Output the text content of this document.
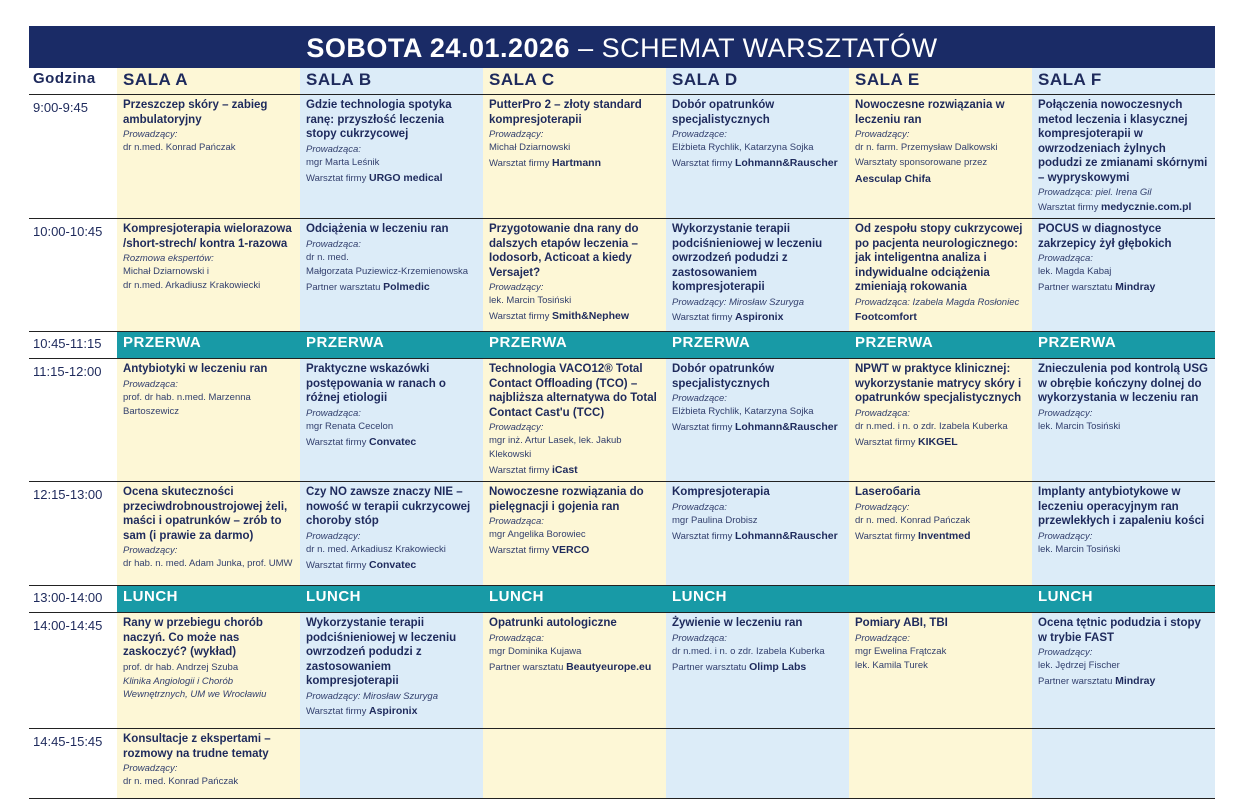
SOBOTA 24.01.2026 – SCHEMAT WARSZTATÓW
Godzina	SALA A	SALA B	SALA C	SALA D	SALA E	SALA F
9:00-9:45	Przeszczep skóry – zabieg ambulatoryjny
Prowadzący:
dr n.med. Konrad Pańczak	Gdzie technologia spotyka ranę: przyszłość leczenia stopy cukrzycowej
Prowadząca:
mgr Marta Leśnik
Warsztat firmy URGO medical	PutterPro 2 – złoty standard kompresjoterapii
Prowadzący:
Michał Dziarnowski
Warsztat firmy Hartmann	Dobór opatrunków specjalistycznych
Prowadzące:
Elżbieta Rychlik, Katarzyna Sojka
Warsztat firmy Lohmann&Rauscher	Nowoczesne rozwiązania w leczeniu ran
Prowadzący:
dr n. farm. Przemysław Dalkowski
Warsztaty sponsorowane przez
Aesculap Chifa	Połączenia nowoczesnych metod leczenia i klasycznej kompresjoterapii w owrzodzeniach żylnych podudzi ze zmianami skórnymi – wypryskowymi
Prowadząca: piel. Irena Gil
Warsztat firmy medycznie.com.pl

10:00-10:45	Kompresjoterapia wielorazowa /short-strech/ kontra 1-razowa
Rozmowa ekspertów:
Michał Dziarnowski i
dr n.med. Arkadiusz Krakowiecki	Odciążenia w leczeniu ran
Prowadząca:
dr n. med.
Małgorzata Puziewicz-Krzemienowska
Partner warsztatu Polmedic	Przygotowanie dna rany do dalszych etapów leczenia – Iodosorb, Acticoat a kiedy Versajet?
Prowadzący:
lek. Marcin Tosiński
Warsztat firmy Smith&Nephew	Wykorzystanie terapii podciśnieniowej w leczeniu owrzodzeń podudzi z zastosowaniem kompresjoterapii
Prowadzący: Mirosław Szuryga
Warsztat firmy Aspironix	Od zespołu stopy cukrzycowej po pacjenta neurologicznego: jak inteligentna analiza i indywidualne odciążenia zmieniają rokowania
Prowadząca: Izabela Magda Rosłoniec
Footcomfort	POCUS w diagnostyce zakrzepicy żył głębokich
Prowadząca:
lek. Magda Kabaj
Partner warsztatu Mindray

10:45-11:15	PRZERWA	PRZERWA	PRZERWA	PRZERWA	PRZERWA	PRZERWA
11:15-12:00	Antybiotyki w leczeniu ran
Prowadząca:
prof. dr hab. n.med. Marzenna Bartoszewicz	Praktyczne wskazówki postępowania w ranach o różnej etiologii
Prowadząca:
mgr Renata Cecelon
Warsztat firmy Convatec	Technologia VACO12® Total Contact Offloading (TCO) – najbliższa alternatywa do Total Contact Cast'u (TCC)
Prowadzący:
mgr inż. Artur Lasek, lek. Jakub Klekowski
Warsztat firmy iCast	Dobór opatrunków specjalistycznych
Prowadzące:
Elżbieta Rychlik, Katarzyna Sojka
Warsztat firmy Lohmann&Rauscher	NPWT w praktyce klinicznej: wykorzystanie matrycy skóry i opatrunków specjalistycznych
Prowadząca:
dr n.med. i n. o zdr. Izabela Kuberka
Warsztat firmy KIKGEL	Znieczulenia pod kontrolą USG w obrębie kończyny dolnej do wykorzystania w leczeniu ran
Prowadzący:
lek. Marcin Tosiński

12:15-13:00	Ocena skuteczności przeciwdrobnoustrojowej żeli, maści i opatrunków – zrób to sam (i prawie za darmo)
Prowadzący:
dr hab. n. med. Adam Junka, prof. UMW	Czy NO zawsze znaczy NIE – nowość w terapii cukrzycowej choroby stóp
Prowadzący:
dr n. med. Arkadiusz Krakowiecki
Warsztat firmy Convatec	Nowoczesne rozwiązania do pielęgnacji i gojenia ran
Prowadząca:
mgr Angelika Borowiec
Warsztat firmy VERCO	Kompresjoterapia
Prowadząca:
mgr Paulina Drobisz
Warsztat firmy Lohmann&Rauscher	Laseroбaria
Prowadzący:
dr n. med. Konrad Pańczak
Warsztat firmy Inventmed	Implanty antybiotykowe w leczeniu operacyjnym ran przewlekłych i zapaleniu kości
Prowadzący:
lek. Marcin Tosiński

13:00-14:00	LUNCH	LUNCH	LUNCH	LUNCH		LUNCH
14:00-14:45	Rany w przebiegu chorób naczyń. Co może nas zaskoczyć? (wykład)
prof. dr hab. Andrzej Szuba
Klinika Angiologii i Chorób Wewnętrznych, UM we Wrocławiu	Wykorzystanie terapii podciśnieniowej w leczeniu owrzodzeń podudzi z zastosowaniem kompresjoterapii
Prowadzący: Mirosław Szuryga
Warsztat firmy Aspironix	Opatrunki autologiczne
Prowadząca:
mgr Dominika Kujawa
Partner warsztatu Beautyeurope.eu	Żywienie w leczeniu ran
Prowadząca:
dr n.med. i n. o zdr. Izabela Kuberka
Partner warsztatu Olimp Labs	Pomiary ABI, TBI
Prowadzące:
mgr Ewelina Frątczak
lek. Kamila Turek	Ocena tętnic podudzia i stopy w trybie FAST
Prowadzący:
lek. Jędrzej Fischer
Partner warsztatu Mindray

14:45-15:45	Konsultacje z ekspertami – rozmowy na trudne tematy
Prowadzący:
dr n. med. Konrad Pańczak					
